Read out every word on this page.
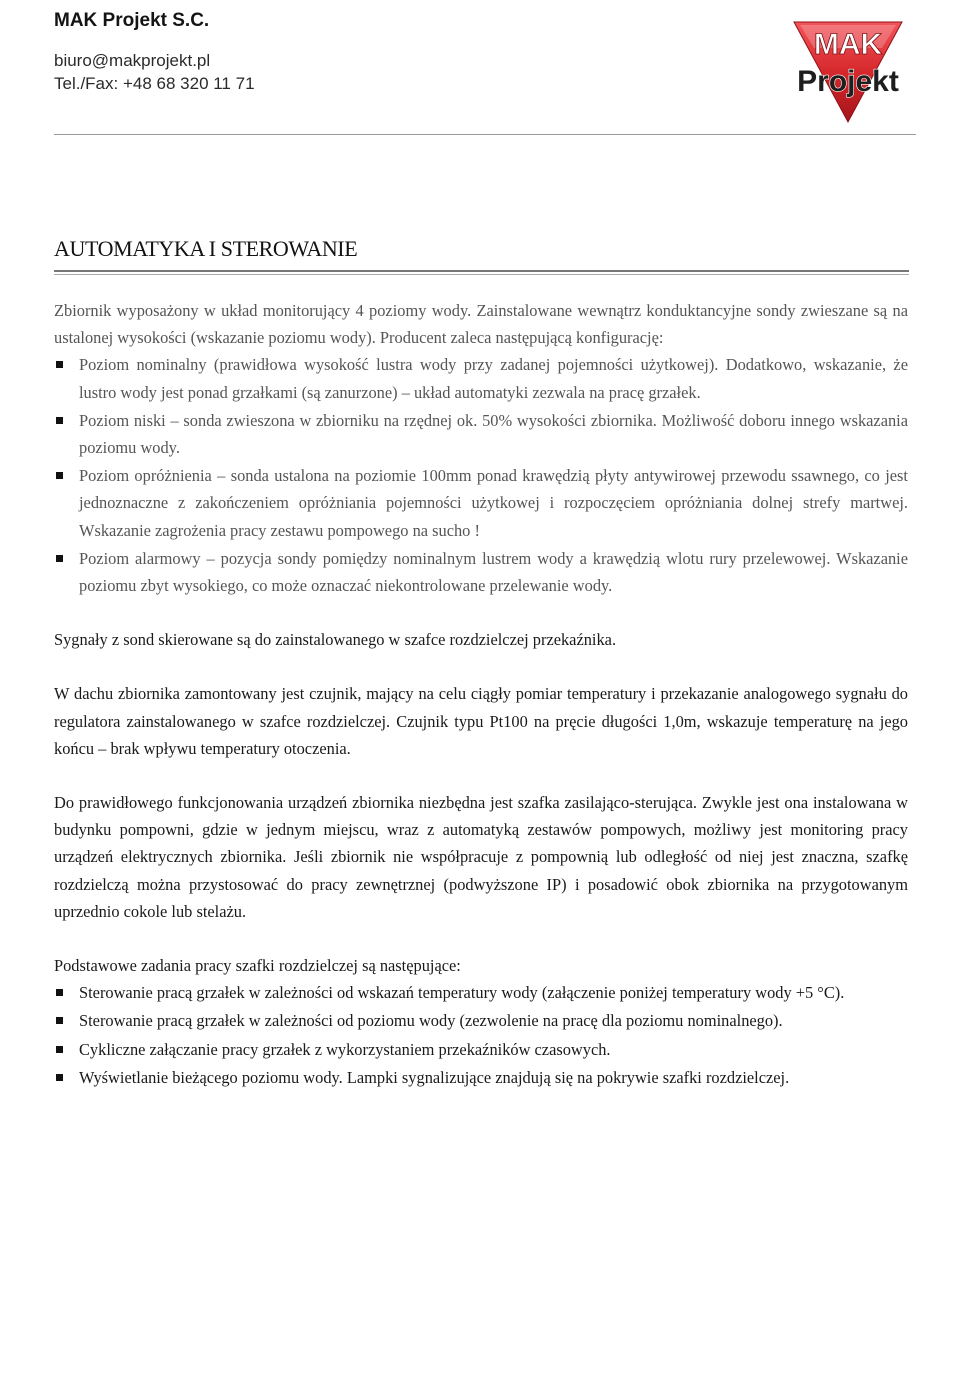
MAK Projekt S.C.
biuro@makprojekt.pl
Tel./Fax: +48 68 320 11 71
MAK
Projekt
AUTOMATYKA I STEROWANIE

Zbiornik wyposażony w układ monitorujący 4 poziomy wody. Zainstalowane wewnątrz konduktancyjne sondy zwieszane są na ustalonej wysokości (wskazanie poziomu wody). Producent zaleca następującą konfigurację:

Poziom nominalny (prawidłowa wysokość lustra wody przy zadanej pojemności użytkowej). Dodatkowo, wskazanie, że lustro wody jest ponad grzałkami (są zanurzone) – układ automatyki zezwala na pracę grzałek.
Poziom niski – sonda zwieszona w zbiorniku na rzędnej ok. 50% wysokości zbiornika. Możliwość doboru innego wskazania poziomu wody.
Poziom opróżnienia – sonda ustalona na poziomie 100mm ponad krawędzią płyty antywirowej przewodu ssawnego, co jest jednoznaczne z zakończeniem opróżniania pojemności użytkowej i rozpoczęciem opróżniania dolnej strefy martwej. Wskazanie zagrożenia pracy zestawu pompowego na sucho !
Poziom alarmowy – pozycja sondy pomiędzy nominalnym lustrem wody a krawędzią wlotu rury przelewowej. Wskazanie poziomu zbyt wysokiego, co może oznaczać niekontrolowane przelewanie wody.

Sygnały z sond skierowane są do zainstalowanego w szafce rozdzielczej przekaźnika.

W dachu zbiornika zamontowany jest czujnik, mający na celu ciągły pomiar temperatury i przekazanie analogowego sygnału do regulatora zainstalowanego w szafce rozdzielczej. Czujnik typu Pt100 na pręcie długości 1,0m, wskazuje temperaturę na jego końcu – brak wpływu temperatury otoczenia.

Do prawidłowego funkcjonowania urządzeń zbiornika niezbędna jest szafka zasilająco-sterująca. Zwykle jest ona instalowana w budynku pompowni, gdzie w jednym miejscu, wraz z automatyką zestawów pompowych, możliwy jest monitoring pracy urządzeń elektrycznych zbiornika. Jeśli zbiornik nie współpracuje z pompownią lub odległość od niej jest znaczna, szafkę rozdzielczą można przystosować do pracy zewnętrznej (podwyższone IP) i posadowić obok zbiornika na przygotowanym uprzednio cokole lub stelażu.

Podstawowe zadania pracy szafki rozdzielczej są następujące:

Sterowanie pracą grzałek w zależności od wskazań temperatury wody (załączenie poniżej temperatury wody +5 °C).
Sterowanie pracą grzałek w zależności od poziomu wody (zezwolenie na pracę dla poziomu nominalnego).
Cykliczne załączanie pracy grzałek z wykorzystaniem przekaźników czasowych.
Wyświetlanie bieżącego poziomu wody. Lampki sygnalizujące znajdują się na pokrywie szafki rozdzielczej.
